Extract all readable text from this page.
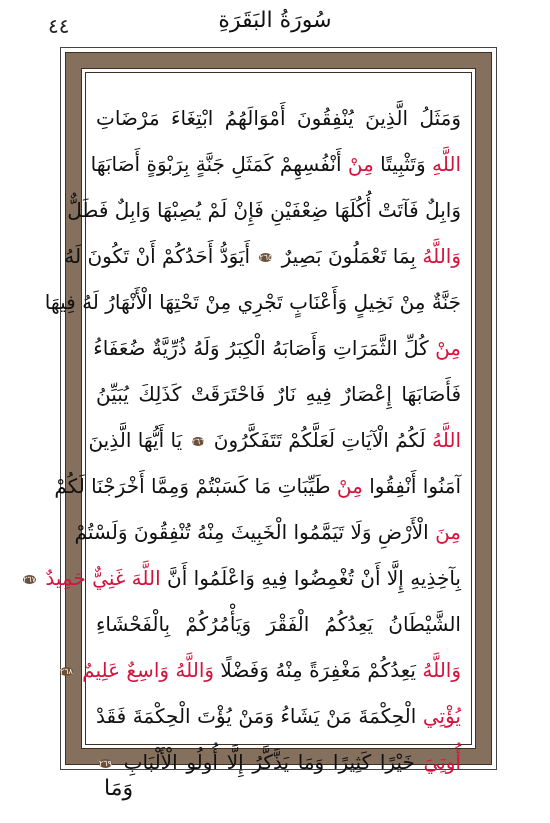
٤٤	سُورَةُ البَقَرَةِ
وَمَثَلُ الَّذِينَ يُنْفِقُونَ أَمْوَالَهُمُ ابْتِغَاءَ مَرْضَاتِ
اللَّهِ وَتَثْبِيتًا مِنْ أَنْفُسِهِمْ كَمَثَلِ جَنَّةٍ بِرَبْوَةٍ أَصَابَهَا
وَابِلٌ فَآتَتْ أُكُلَهَا ضِعْفَيْنِ فَإِنْ لَمْ يُصِبْهَا وَابِلٌ فَطَلٌّ
وَاللَّهُ بِمَا تَعْمَلُونَ بَصِيرٌ ٢٦٥ أَيَوَدُّ أَحَدُكُمْ أَنْ تَكُونَ لَهُ
جَنَّةٌ مِنْ نَخِيلٍ وَأَعْنَابٍ تَجْرِي مِنْ تَحْتِهَا الْأَنْهَارُ لَهُ فِيهَا
مِنْ كُلِّ الثَّمَرَاتِ وَأَصَابَهُ الْكِبَرُ وَلَهُ ذُرِّيَّةٌ ضُعَفَاءُ
فَأَصَابَهَا إِعْصَارٌ فِيهِ نَارٌ فَاحْتَرَقَتْ كَذَلِكَ يُبَيِّنُ
اللَّهُ لَكُمُ الْآيَاتِ لَعَلَّكُمْ تَتَفَكَّرُونَ ٢٦٦ يَا أَيُّهَا الَّذِينَ
آمَنُوا أَنْفِقُوا مِنْ طَيِّبَاتِ مَا كَسَبْتُمْ وَمِمَّا أَخْرَجْنَا لَكُمْ
مِنَ الْأَرْضِ وَلَا تَيَمَّمُوا الْخَبِيثَ مِنْهُ تُنْفِقُونَ وَلَسْتُمْ
بِآخِذِيهِ إِلَّا أَنْ تُغْمِضُوا فِيهِ وَاعْلَمُوا أَنَّ اللَّهَ غَنِيٌّ حَمِيدٌ ٢٦٧
الشَّيْطَانُ يَعِدُكُمُ الْفَقْرَ وَيَأْمُرُكُمْ بِالْفَحْشَاءِ
وَاللَّهُ يَعِدُكُمْ مَغْفِرَةً مِنْهُ وَفَضْلًا وَاللَّهُ وَاسِعٌ عَلِيمٌ ٢٦٨
يُؤْتِي الْحِكْمَةَ مَنْ يَشَاءُ وَمَنْ يُؤْتَ الْحِكْمَةَ فَقَدْ
أُوتِيَ خَيْرًا كَثِيرًا وَمَا يَذَّكَّرُ إِلَّا أُولُو الْأَلْبَابِ ٢٦٩
وَمَا
